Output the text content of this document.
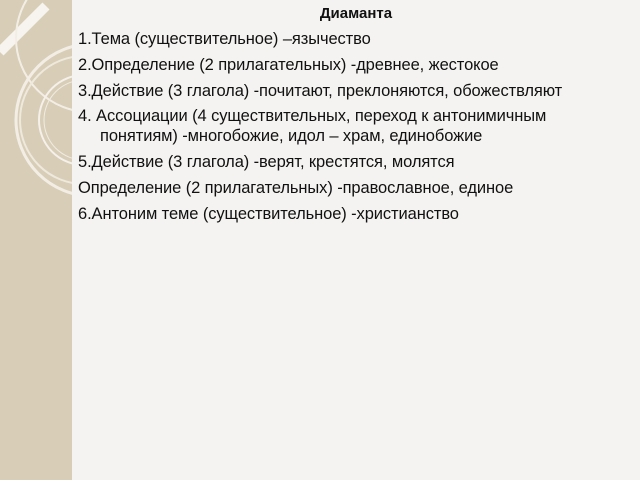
Диаманта
1.Тема (существительное) –язычество
2.Определение (2 прилагательных) -древнее, жестокое
3.Действие (3 глагола) -почитают, преклоняются, обожествляют
4. Ассоциации (4 существительных, переход к антонимичным
понятиям) -многобожие, идол – храм, единобожие
5.Действие (3 глагола) -верят, крестятся, молятся
Определение (2 прилагательных) -православное, единое
6.Антоним теме (существительное) -христианство
